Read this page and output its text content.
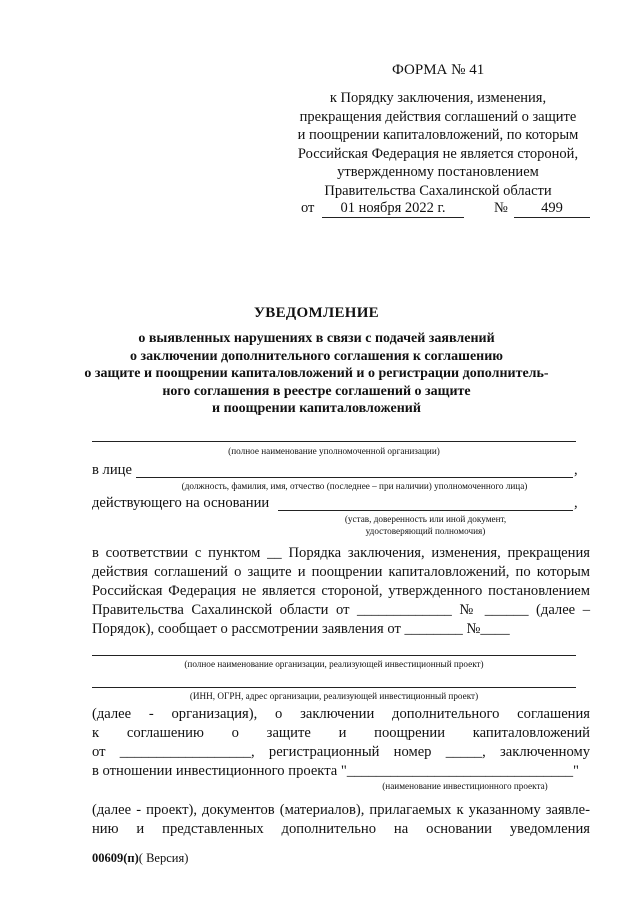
ФОРМА № 41
к Порядку заключения, изменения,
прекращения действия соглашений о защите
и поощрении капиталовложений, по которым
Российская Федерация не является стороной,
утвержденному постановлением
Правительства Сахалинской области
от	01 ноября 2022 г.	№	499
УВЕДОМЛЕНИЕ
о выявленных нарушениях в связи с подачей заявлений
о заключении дополнительного соглашения к соглашению
о защите и поощрении капиталовложений и о регистрации дополнитель-
ного соглашения в реестре соглашений о защите
и поощрении капиталовложений
(полное наименование уполномоченной организации)
в лице	,
(должность, фамилия, имя, отчество (последнее – при наличии) уполномоченного лица)
действующего на основании	,
(устав, доверенность или иной документ,
удостоверяющий полномочия)
в соответствии с пунктом __ Порядка заключения, изменения, прекращения
действия соглашений о защите и поощрении капиталовложений, по которым
Российская Федерация не является стороной, утвержденного постановлением
Правительства Сахалинской области от _____________ № ______ (далее –
Порядок), сообщает о рассмотрении заявления от ________ №____
(полное наименование организации, реализующей инвестиционный проект)
(ИНН, ОГРН, адрес организации, реализующей инвестиционный проект)
(далее - организация), о заключении дополнительного соглашения
к соглашению о защите и поощрении капиталовложений
от __________________, регистрационный номер _____, заключенному
в отношении инвестиционного проекта "_______________________________"
(наименование инвестиционного проекта)
(далее - проект), документов (материалов), прилагаемых к указанному заявле-
нию и представленных дополнительно на основании уведомления
00609(п)( Версия)
